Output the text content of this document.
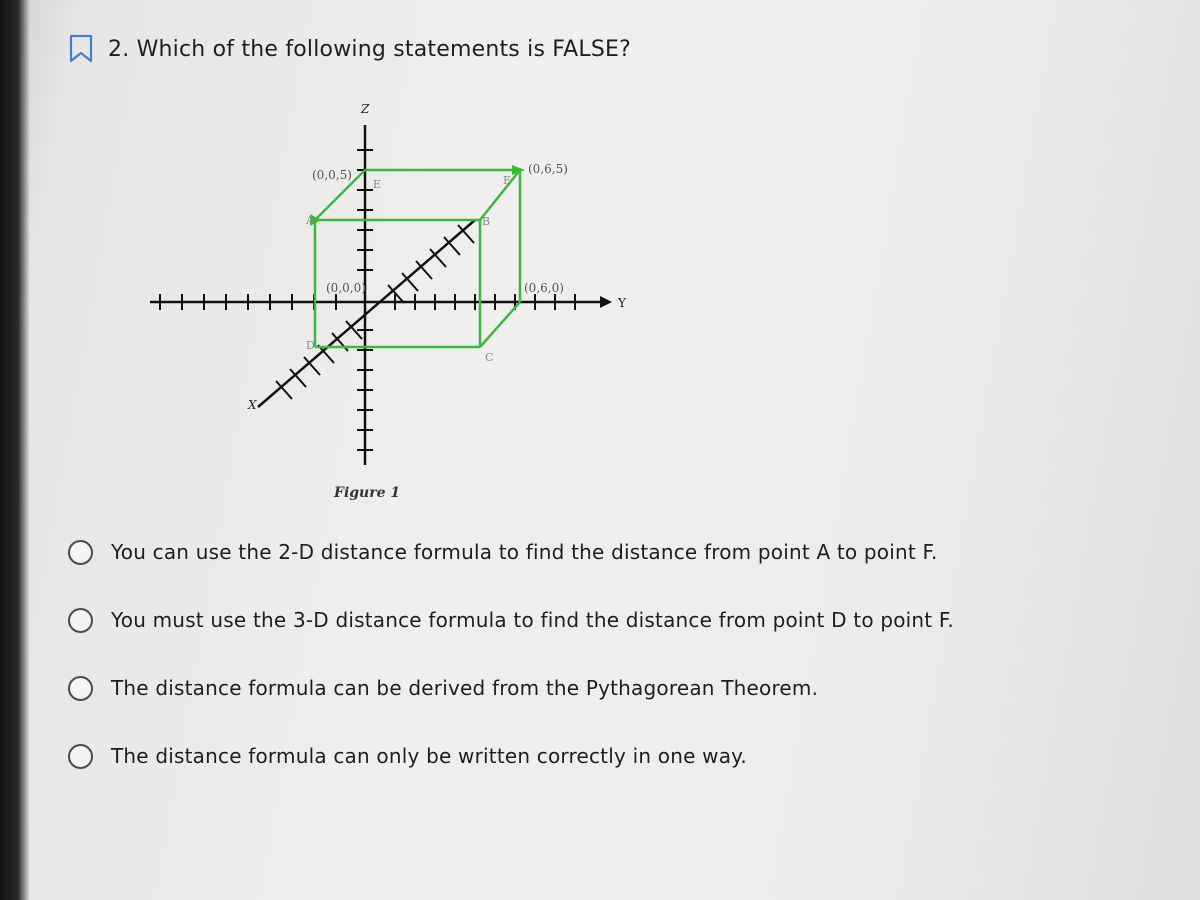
2. Which of the following statements is FALSE?
Z
Y
X
(0,0,5)	(0,6,5)
(0,0,0)	(0,6,0)
A	B
C
D
E	F
Figure 1
You can use the 2-D distance formula to find the distance from point A to point F.
You must use the 3-D distance formula to find the distance from point D to point F.
The distance formula can be derived from the Pythagorean Theorem.
The distance formula can only be written correctly in one way.
